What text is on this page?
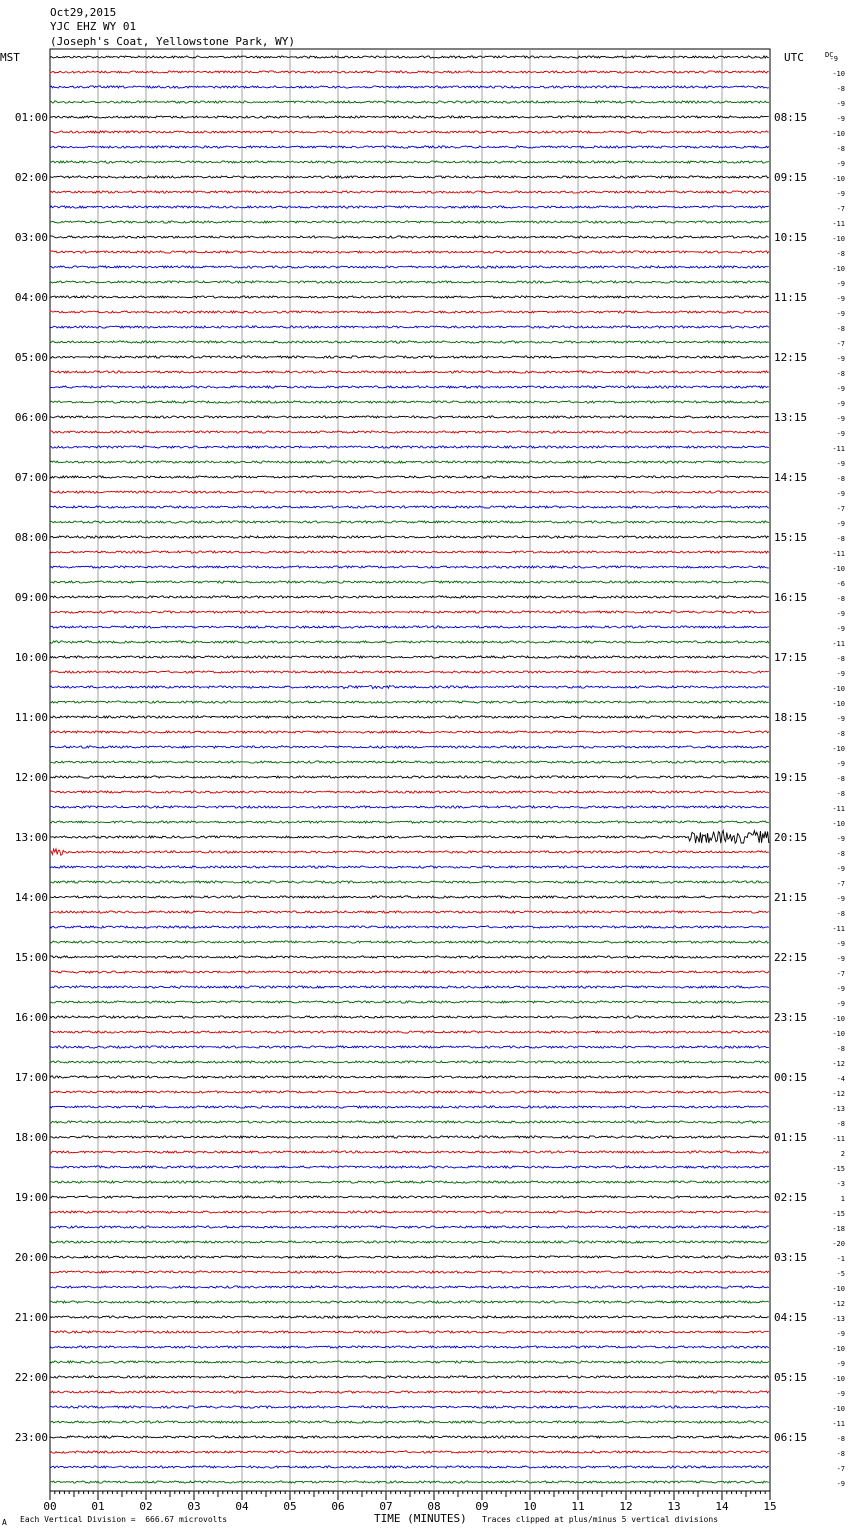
Oct29,2015
YJC EHZ WY 01
(Joseph's Coat, Yellowstone Park, WY)
-9
-10
-8
-9
-9
-10
-8
-9
-10
-9
-7
-11
-10
-8
-10
-9
-9
-9
-8
-7
-9
-8
-9
-9
-9
-9
-11
-9
-8
-9
-7
-9
-8
-11
-10
-6
-8
-9
-9
-11
-8
-9
-10
-10
-9
-8
-10
-9
-8
-8
-11
-10
-9
-8
-9
-7
-9
-8
-11
-9
-9
-7
-9
-9
-10
-10
-8
-12
-4
-12
-13
-8
-11
2
-15
-3
1
-15
-18
-20
-1
-5
-10
-12
-13
-9
-10
-9
-10
-9
-10
-11
-8
-8
-7
-9
DC
MST	UTC
01:00
02:00
03:00
04:00
05:00
06:00
07:00
08:00
09:00
10:00
11:00
12:00
13:00
14:00
15:00
16:00
17:00
18:00
19:00
20:00
21:00
22:00
23:00
08:15
09:15
10:15
11:15
12:15
13:15
14:15
15:15
16:15
17:15
18:15
19:15
20:15
21:15
22:15
23:15
00:15
01:15
02:15
03:15
04:15
05:15
06:15
00	01	02	03	04	05	06	07	08	09	10	11	12	13	14	15
A Each Vertical Division =  666.67 microvolts	TIME (MINUTES) Traces clipped at plus/minus 5 vertical divisions
